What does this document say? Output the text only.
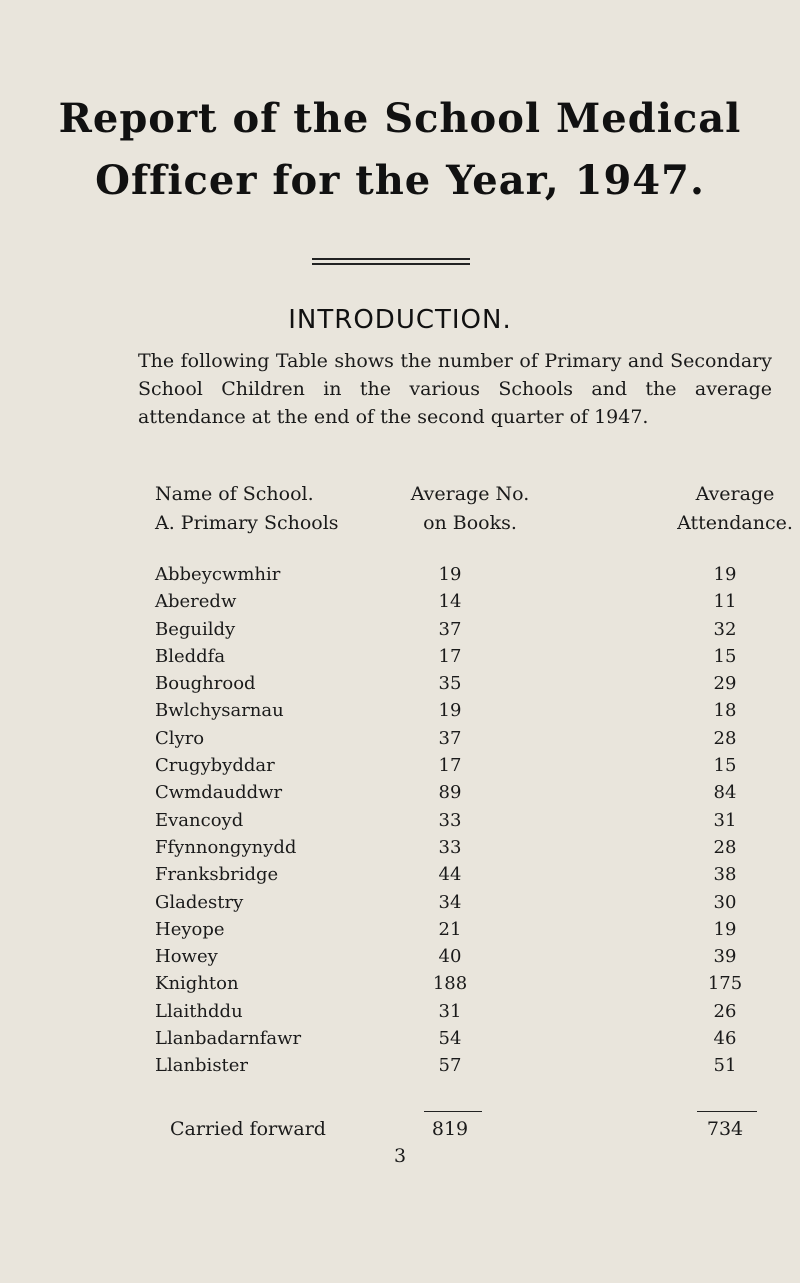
Report of the School Medical
Officer for the Year, 1947.
INTRODUCTION.
The following Table shows the number of Primary and Secondary School Children in the various Schools and the average attendance at the end of the second quarter of 1947.
Name of School.
A. Primary Schools
Average No.
on Books.
Average
Attendance.
Abbeycwmhir	19	19
Aberedw	14	11
Beguildy	37	32
Bleddfa	17	15
Boughrood	35	29
Bwlchysarnau	19	18
Clyro	37	28
Crugybyddar	17	15
Cwmdauddwr	89	84
Evancoyd	33	31
Ffynnongynydd	33	28
Franksbridge	44	38
Gladestry	34	30
Heyope	21	19
Howey	40	39
Knighton	188	175
Llaithddu	31	26
Llanbadarnfawr	54	46
Llanbister	57	51
Carried forward	819	734
3
